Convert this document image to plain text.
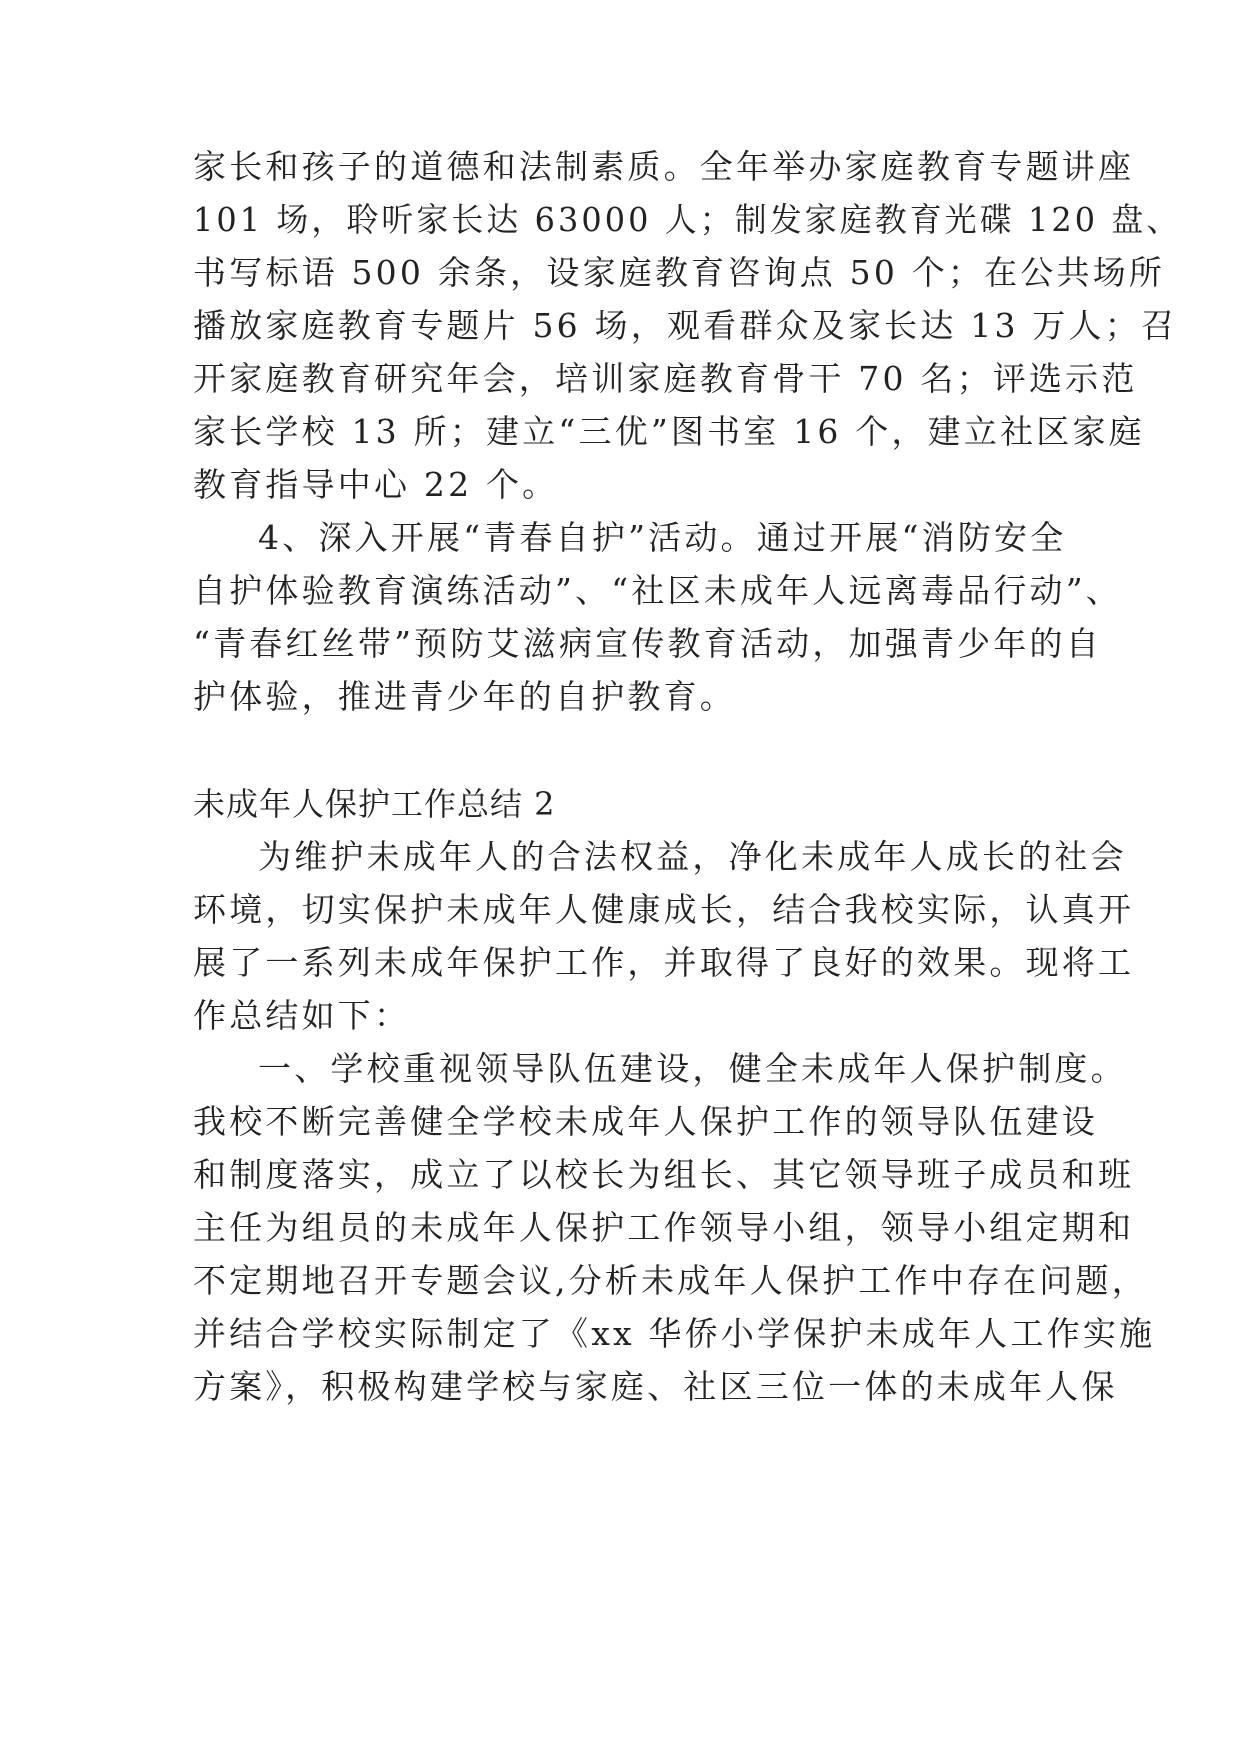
家长和孩子的道德和法制素质。全年举办家庭教育专题讲座
101 场，聆听家长达 63000 人；制发家庭教育光碟 120 盘、
书写标语 500 余条，设家庭教育咨询点 50 个；在公共场所
播放家庭教育专题片 56 场，观看群众及家长达 13 万人；召
开家庭教育研究年会，培训家庭教育骨干 70 名；评选示范
家长学校 13 所；建立“三优”图书室 16 个，建立社区家庭
教育指导中心 22 个。
4、深入开展“青春自护”活动。通过开展“消防安全
自护体验教育演练活动”、“社区未成年人远离毒品行动”、
“青春红丝带”预防艾滋病宣传教育活动，加强青少年的自
护体验，推进青少年的自护教育。
未成年人保护工作总结 2
为维护未成年人的合法权益，净化未成年人成长的社会
环境，切实保护未成年人健康成长，结合我校实际，认真开
展了一系列未成年保护工作，并取得了良好的效果。现将工
作总结如下：
一、学校重视领导队伍建设，健全未成年人保护制度。
我校不断完善健全学校未成年人保护工作的领导队伍建设
和制度落实，成立了以校长为组长、其它领导班子成员和班
主任为组员的未成年人保护工作领导小组，领导小组定期和
不定期地召开专题会议,分析未成年人保护工作中存在问题，
并结合学校实际制定了《xx 华侨小学保护未成年人工作实施
方案》，积极构建学校与家庭、社区三位一体的未成年人保
